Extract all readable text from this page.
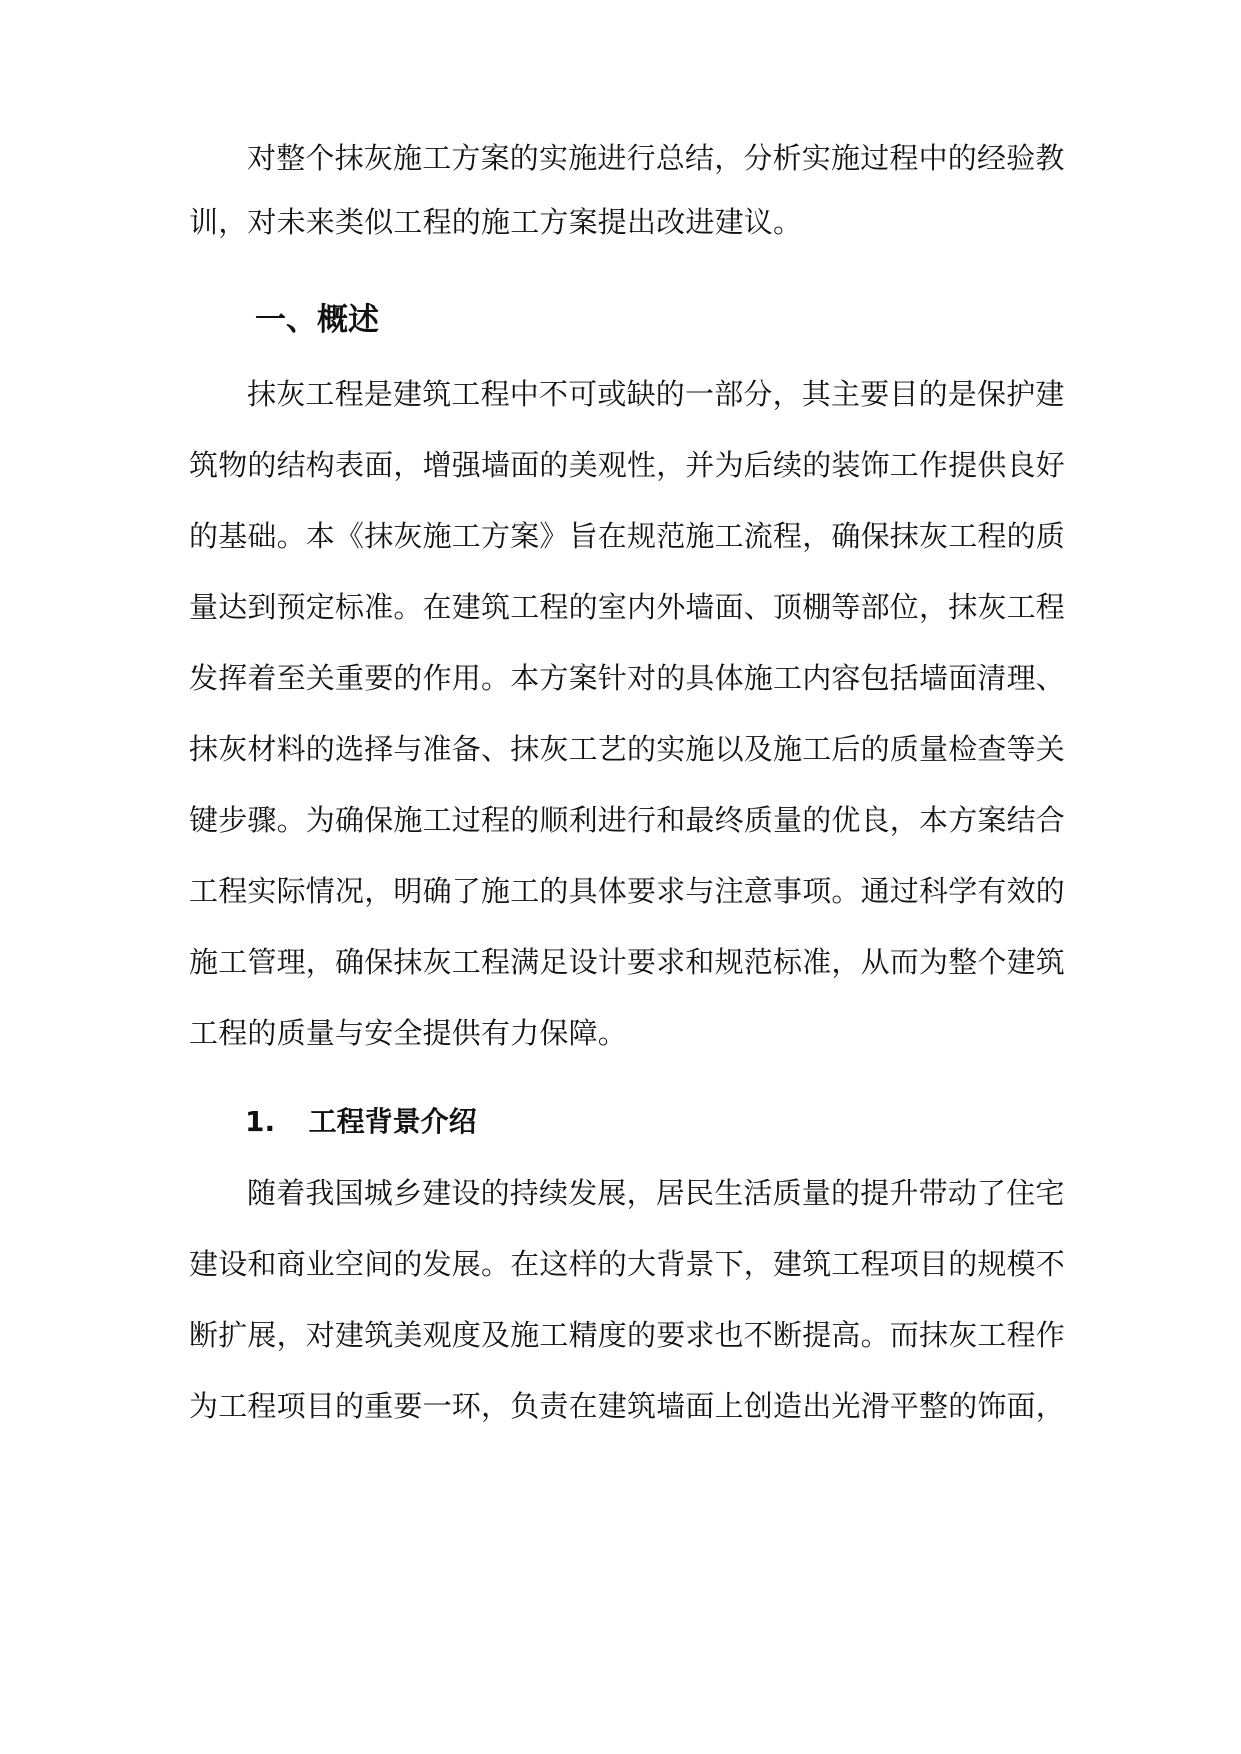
对整个抹灰施工方案的实施进行总结，分析实施过程中的经验教
训，对未来类似工程的施工方案提出改进建议。
一、概述
抹灰工程是建筑工程中不可或缺的一部分，其主要目的是保护建
筑物的结构表面，增强墙面的美观性，并为后续的装饰工作提供良好
的基础。本《抹灰施工方案》旨在规范施工流程，确保抹灰工程的质
量达到预定标准。在建筑工程的室内外墙面、顶棚等部位，抹灰工程
发挥着至关重要的作用。本方案针对的具体施工内容包括墙面清理、
抹灰材料的选择与准备、抹灰工艺的实施以及施工后的质量检查等关
键步骤。为确保施工过程的顺利进行和最终质量的优良，本方案结合
工程实际情况，明确了施工的具体要求与注意事项。通过科学有效的
施工管理，确保抹灰工程满足设计要求和规范标准，从而为整个建筑
工程的质量与安全提供有力保障。
1. 工程背景介绍
随着我国城乡建设的持续发展，居民生活质量的提升带动了住宅
建设和商业空间的发展。在这样的大背景下，建筑工程项目的规模不
断扩展，对建筑美观度及施工精度的要求也不断提高。而抹灰工程作
为工程项目的重要一环，负责在建筑墙面上创造出光滑平整的饰面，
